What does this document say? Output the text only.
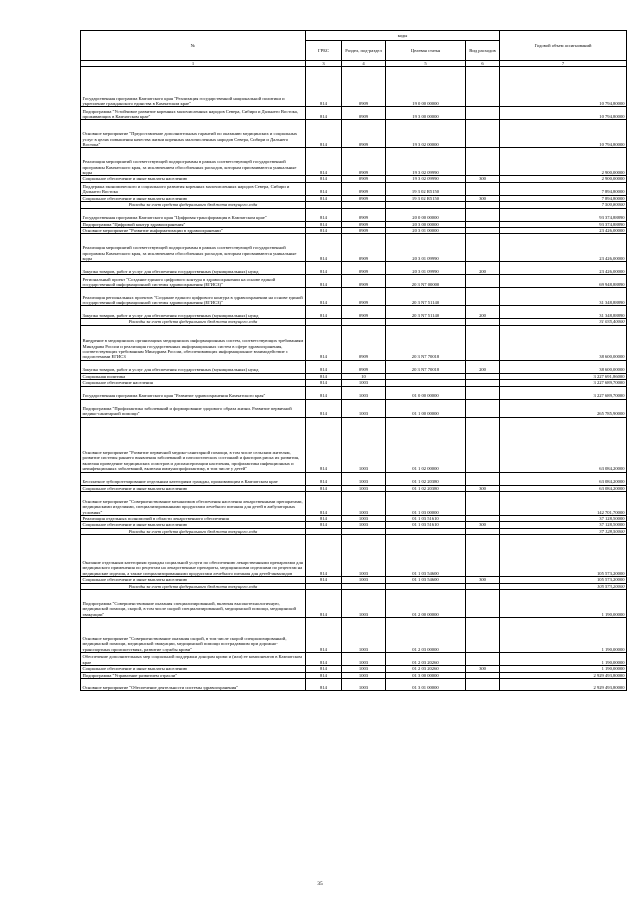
№	коды				Годовой объем ассигнований
	ГРБС	Раздел, под-раздел	Целевая статья	Вид расходов	
1	3	4	5	6	7
Государственная программа Камчатского края "Реализация государственной национальной политики и укрепление гражданского единства в Камчатском крае"	814	0909	19 0 00 00000		10 794,80000
Подпрограмма "Устойчивое развитие коренных малочисленных народов Севера, Сибири и Дальнего Востока, проживающих в Камчатском крае"	814	0909	19 3 00 00000		10 794,80000
Основное мероприятие "Предоставление дополнительных гарантий по оказанию медицинских и социальных услуг в целях повышения качества жизни коренных малочисленных народов Севера, Сибири и Дальнего Востока"	814	0909	19 3 02 00000		10 794,80000
Реализация мероприятий соответствующей подпрограммы в рамках соответствующей государственной программы Камчатского края, за исключением обособленных расходов, которым присваиваются уникальные коды	814	0909	19 3 02 09990		2 900,00000
Социальное обеспечение и иные выплаты населению	814	0909	19 3 02 09990	300	2 900,00000
Поддержка экономического и социального развития коренных малочисленных народов Севера, Сибири и Дальнего Востока	814	0909	19 3 02 R5150		7 894,80000
Социальное обеспечение и иные выплаты населению	814	0909	19 3 02 R5150	300	7 894,80000
Расходы за счет средств федерального бюджета текущего года					7 500,80000
Государственная программа Камчатского края "Цифровая трансформация в Камчатском крае"	814	0909	20 0 00 00000		93 374,88890
Подпрограмма "Цифровой контур здравоохранения"	814	0909	20 3 00 00000		93 374,88890
Основное мероприятие "Развитие информатизации в здравоохранении"	814	0909	20 3 01 00000		23 426,00000
Реализация мероприятий соответствующей подпрограммы в рамках соответствующей государственной программы Камчатского края, за исключением обособленных расходов, которым присваиваются уникальные коды	814	0909	20 3 01 09990		23 426,00000
Закупка товаров, работ и услуг для обеспечения государственных (муниципальных) нужд	814	0909	20 3 01 09990	200	23 426,00000
Региональный проект "Создание единого цифрового контура в здравоохранении на основе единой государственной информационной системы здравоохранения (ЕГИСЗ)"	814	0909	20 3 N7 00000		69 948,88890
Реализация региональных проектов "Создание единого цифрового контура в здравоохранении на основе единой государственной информационной системы здравоохранения (ЕГИСЗ)"	814	0909	20 3 N7 51140		31 348,88890
Закупка товаров, работ и услуг для обеспечения государственных (муниципальных) нужд	814	0909	20 3 N7 51140	200	31 348,88890
Расходы за счет средств федерального бюджета текущего года					31 035,40000
Внедрение в медицинских организациях медицинских информационных систем, соответствующих требованиям Минздрава России и реализация государственных информационных систем в сфере здравоохранения, соответствующих требованиям Минздрава России, обеспечивающих информационное взаимодействие с подсистемами ЕГИСЗ	814	0909	20 3 N7 70018		38 600,00000
Закупка товаров, работ и услуг для обеспечения государственных (муниципальных) нужд	814	0909	20 3 N7 70018	200	38 600,00000
Социальная политика	814	10			3 227 691,86000
Социальное обеспечение населения	814	1003			3 227 689,70000
Государственная программа Камчатского края "Развитие здравоохранения Камчатского края"	814	1003	01 0 00 00000		3 227 689,70000
Подпрограмма "Профилактика заболеваний и формирование здорового образа жизни. Развитие первичной медико-санитарной помощи"	814	1003	01 1 00 00000		265 785,90000
Основное мероприятие "Развитие первичной медико-санитарной помощи, в том числе сельским жителям, развитие системы раннего выявления заболеваний и патологических состояний и факторов риска их развития, включая проведение медицинских осмотров и диспансеризации населения, профилактика инфекционных и неинфекционных заболеваний, включая иммунопрофилактику, в том числе у детей"	814	1003	01 1 02 00000		63 084,20000
Бесплатное зубопротезирование отдельным категориям граждан, проживающим в Камчатском крае	814	1003	01 1 02 20380		63 084,20000
Социальное обеспечение и иные выплаты населению	814	1003	01 1 02 20380	300	63 084,20000
Основное мероприятие "Совершенствование механизмов обеспечения населения лекарственными препаратами, медицинскими изделиями, специализированными продуктами лечебного питания для детей в амбулаторных условиях"	814	1003	01 1 03 00000		142 701,70000
Реализация отдельных полномочий в области лекарственного обеспечения	814	1003	01 1 03 51610		37 128,50000
Социальное обеспечение и иные выплаты населению	814	1003	01 1 03 51610	300	37 128,50000
Расходы за счет средств федерального бюджета текущего года					37 128,50000
Оказание отдельным категориям граждан социальной услуги по обеспечению лекарственными препаратами для медицинского применения по рецептам на лекарственные препараты, медицинскими изделиями по рецептам на медицинские изделия, а также специализированными продуктами лечебного питания для детей-инвалидов	814	1003	01 1 03 54600		105 573,20000
Социальное обеспечение и иные выплаты населению	814	1003	01 1 03 54600	300	105 573,20000
Расходы за счет средств федерального бюджета текущего года					105 573,20000
Подпрограмма "Совершенствование оказания специализированной, включая высокотехнологичную, медицинской помощи, скорой, в том числе скорой специализированной, медицинской помощи, медицинской эвакуации"	814	1003	01 2 00 00000		1 190,00000
Основное мероприятие "Совершенствование оказания скорой, в том числе скорой специализированной, медицинской помощи, медицинской эвакуации, медицинской помощи пострадавшим при дорожно-транспортных происшествиях, развитие службы крови"	814	1003	01 2 03 00000		1 190,00000
Обеспечение дополнительных мер социальной поддержки донорам крови и (или) ее компонентов в Камчатском крае	814	1003	01 2 03 20260		1 190,00000
Социальное обеспечение и иные выплаты населению	814	1003	01 2 03 20260	300	1 190,00000
Подпрограмма "Управление развитием отрасли"	814	1003	01 3 00 00000		2 929 493,80000
Основное мероприятие "Обеспечение деятельности системы здравоохранения"	814	1003	01 3 01 00000		2 929 493,80000
35
